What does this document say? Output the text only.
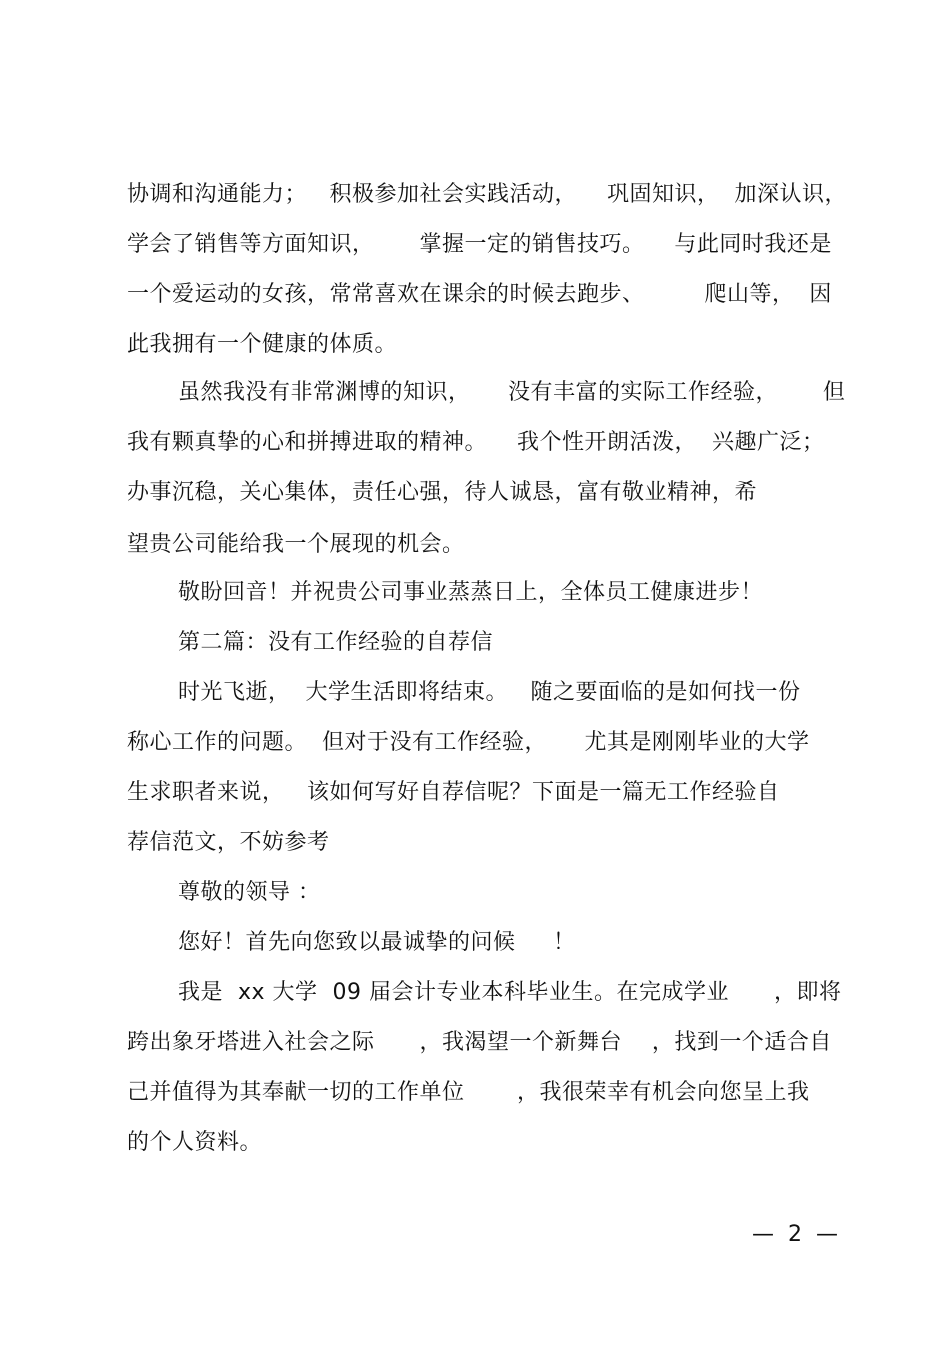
协调和沟通能力；   积极参加社会实践活动，    巩固知识，  加深认识，
学会了销售等方面知识，      掌握一定的销售技巧。    与此同时我还是
一个爱运动的女孩，常常喜欢在课余的时候去跑步、        爬山等，  因
此我拥有一个健康的体质。
虽然我没有非常渊博的知识，     没有丰富的实际工作经验，      但
我有颗真挚的心和拼搏进取的精神。    我个性开朗活泼，  兴趣广泛；
办事沉稳，关心集体，责任心强，待人诚恳，富有敬业精神，希
望贵公司能给我一个展现的机会。
敬盼回音！并祝贵公司事业蒸蒸日上，全体员工健康进步！
第二篇：没有工作经验的自荐信
时光飞逝，  大学生活即将结束。   随之要面临的是如何找一份
称心工作的问题。  但对于没有工作经验，     尤其是刚刚毕业的大学
生求职者来说，   该如何写好自荐信呢？下面是一篇无工作经验自
荐信范文，不妨参考
尊敬的领导 ：
您好！首先向您致以最诚挚的问候     ！
我是  xx 大学  09 届会计专业本科毕业生。在完成学业      ，即将
跨出象牙塔进入社会之际      ，我渴望一个新舞台    ，找到一个适合自
己并值得为其奉献一切的工作单位       ，我很荣幸有机会向您呈上我
的个人资料。
—  2  —
